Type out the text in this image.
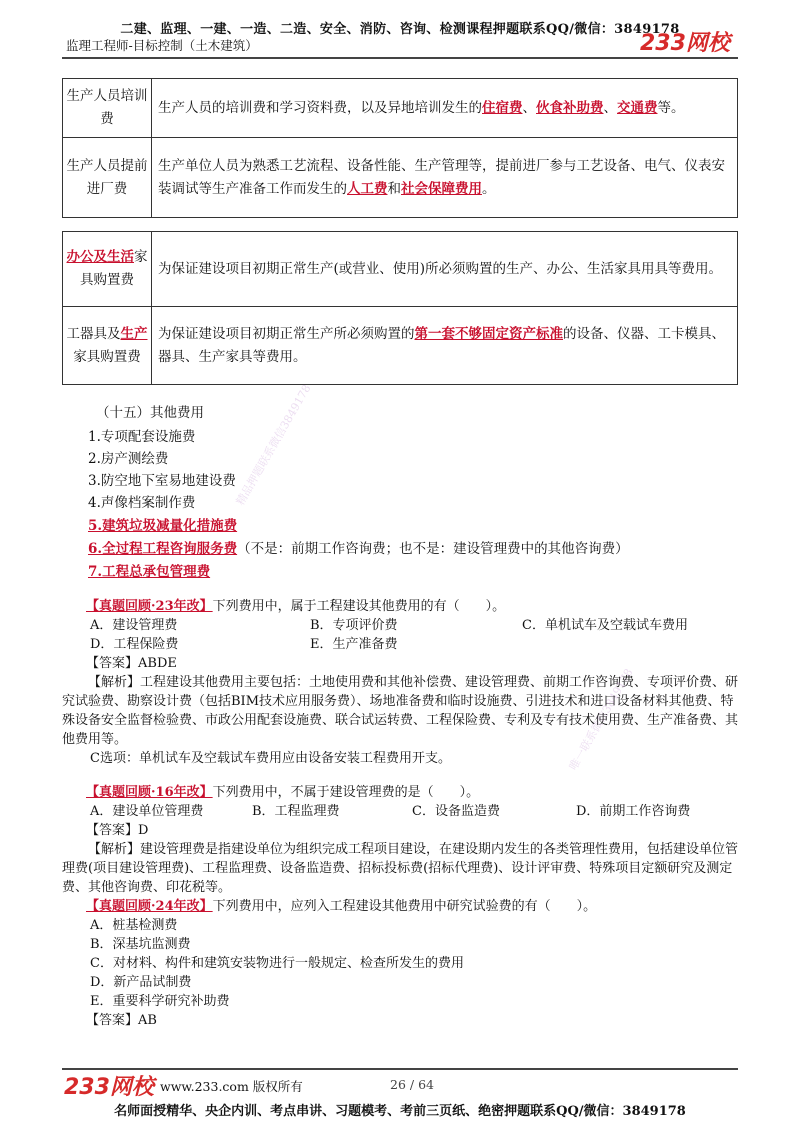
二建、监理、一建、一造、二造、安全、消防、咨询、检测课程押题联系QQ/微信：3849178
监理工程师-目标控制（土木建筑）	233网校
生产人员培训费	生产人员的培训费和学习资料费，以及异地培训发生的住宿费、伙食补助费、交通费等。
生产人员提前进厂费	生产单位人员为熟悉工艺流程、设备性能、生产管理等，提前进厂参与工艺设备、电气、仪表安装调试等生产准备工作而发生的人工费和社会保障费用。
办公及生活家具购置费	为保证建设项目初期正常生产(或营业、使用)所必须购置的生产、办公、生活家具用具等费用。
工器具及生产家具购置费	为保证建设项目初期正常生产所必须购置的第一套不够固定资产标准的设备、仪器、工卡模具、器具、生产家具等费用。
（十五）其他费用
1.专项配套设施费
2.房产测绘费
3.防空地下室易地建设费
4.声像档案制作费
5.建筑垃圾减量化措施费
6.全过程工程咨询服务费（不是：前期工作咨询费；也不是：建设管理费中的其他咨询费）
7.工程总承包管理费
【真题回顾·23年改】下列费用中，属于工程建设其他费用的有（　　）。
A．建设管理费	B．专项评价费	C．单机试车及空载试车费用
D．工程保险费	E．生产准备费
【答案】ABDE
【解析】工程建设其他费用主要包括：土地使用费和其他补偿费、建设管理费、前期工作咨询费、专项评价费、研究试验费、勘察设计费（包括BIM技术应用服务费）、场地准备费和临时设施费、引进技术和进口设备材料其他费、特殊设备安全监督检验费、市政公用配套设施费、联合试运转费、工程保险费、专利及专有技术使用费、生产准备费、其他费用等。
C选项：单机试车及空载试车费用应由设备安装工程费用开支。
【真题回顾·16年改】下列费用中，不属于建设管理费的是（　　）。
A．建设单位管理费	B．工程监理费	C．设备监造费	D．前期工作咨询费
【答案】D
【解析】建设管理费是指建设单位为组织完成工程项目建设，在建设期内发生的各类管理性费用，包括建设单位管理费(项目建设管理费)、工程监理费、设备监造费、招标投标费(招标代理费)、设计评审费、特殊项目定额研究及测定费、其他咨询费、印花税等。
【真题回顾·24年改】下列费用中，应列入工程建设其他费用中研究试验费的有（　　）。
A．桩基检测费
B．深基坑监测费
C．对材料、构件和建筑安装物进行一般规定、检查所发生的费用
D．新产品试制费
E．重要科学研究补助费
【答案】AB
精品押题联系微信3849178
唯一联系微信3849178
233网校 www.233.com 版权所有	26 / 64
名师面授精华、央企内训、考点串讲、习题模考、考前三页纸、绝密押题联系QQ/微信：3849178
